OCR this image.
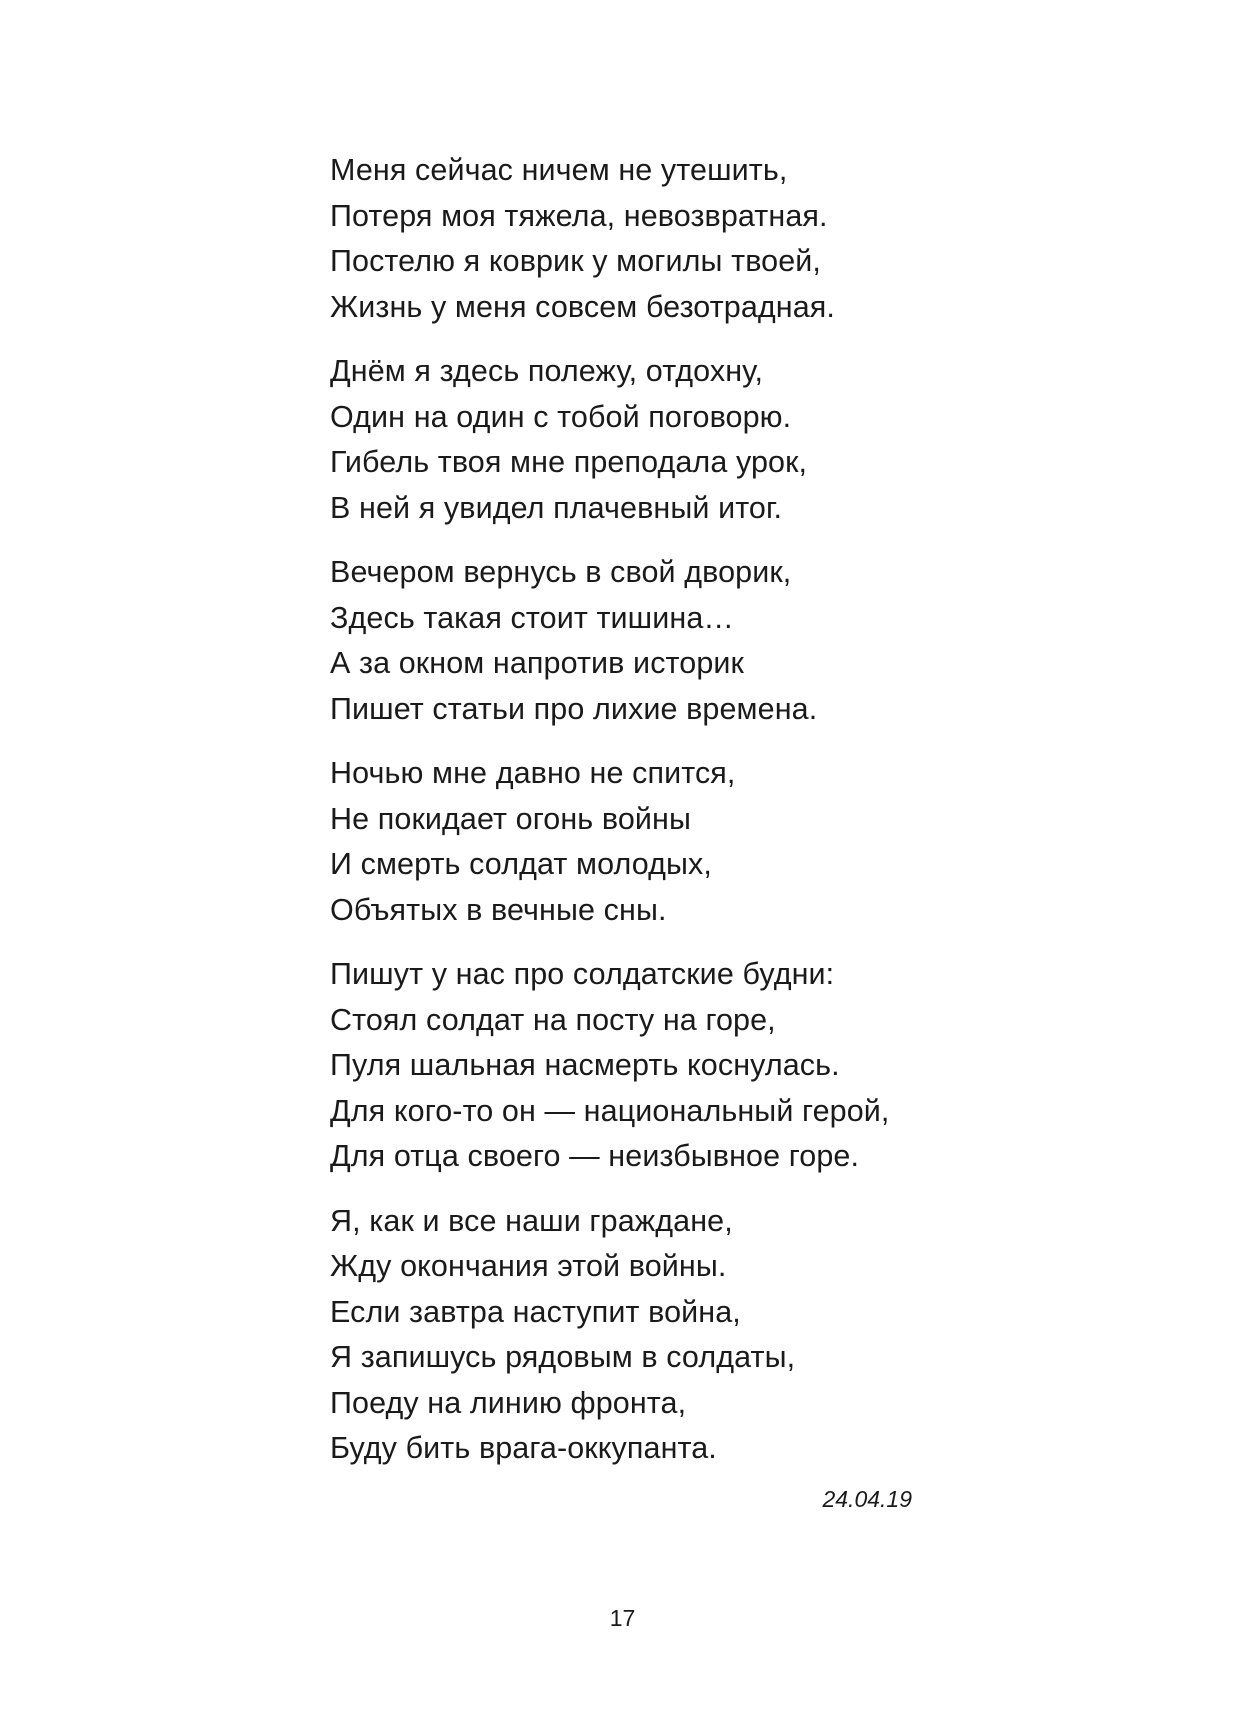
Меня сейчас ничем не утешить,
Потеря моя тяжела, невозвратная.
Постелю я коврик у могилы твоей,
Жизнь у меня совсем безотрадная.
Днём я здесь полежу, отдохну,
Один на один с тобой поговорю.
Гибель твоя мне преподала урок,
В ней я увидел плачевный итог.
Вечером вернусь в свой дворик,
Здесь такая стоит тишина…
А за окном напротив историк
Пишет статьи про лихие времена.
Ночью мне давно не спится,
Не покидает огонь войны
И смерть солдат молодых,
Объятых в вечные сны.
Пишут у нас про солдатские будни:
Стоял солдат на посту на горе,
Пуля шальная насмерть коснулась.
Для кого-то он — национальный герой,
Для отца своего — неизбывное горе.
Я, как и все наши граждане,
Жду окончания этой войны.
Если завтра наступит война,
Я запишусь рядовым в солдаты,
Поеду на линию фронта,
Буду бить врага-оккупанта.
24.04.19
17
